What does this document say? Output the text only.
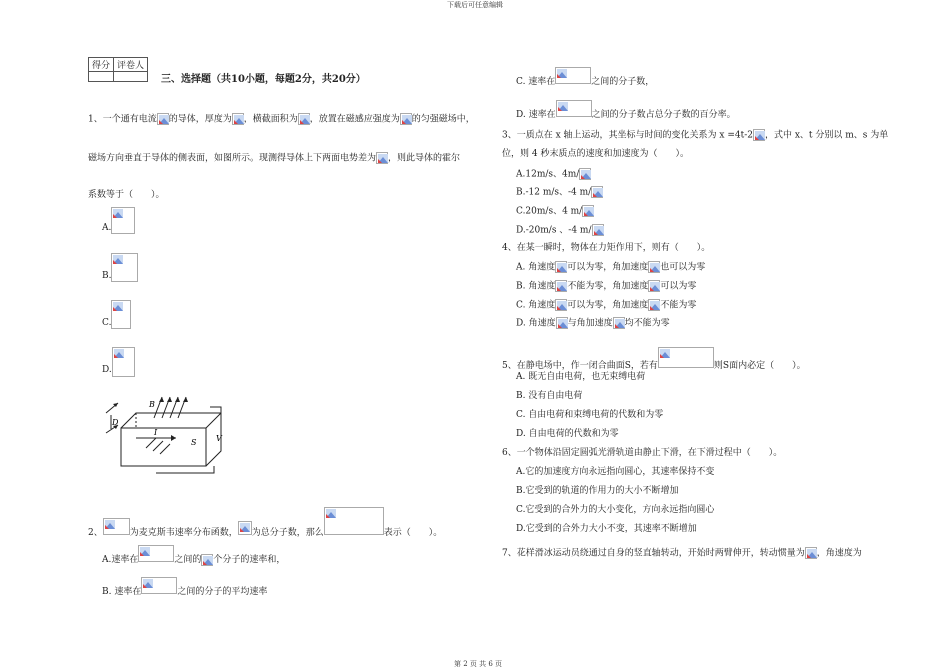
下载后可任意编辑
得分	评卷人

三、选择题（共10小题，每题2分，共20分）
1、一个通有电流 的导体，厚度为 ，横截面积为 ，放置在磁感应强度为 的匀强磁场中，
磁场方向垂直于导体的侧表面，如图所示。现测得导体上下两面电势差为 ，则此导体的霍尔
系数等于（　　）。
A.
B.
C.
D.
B
D
I
S V
2、	为麦克斯韦速率分布函数， 为总分子数，那么	表示（　　）。
A.速率在	之间的 个分子的速率和，
B. 速率在	之间的分子的平均速率
C. 速率在	之间的分子数，
D. 速率在	之间的分子数占总分子数的百分率。
3、一质点在 x 轴上运动，其坐标与时间的变化关系为 x =4t-2 ，式中 x、t 分别以 m、s 为单
位，则 4 秒末质点的速度和加速度为（　　）。
A.12m/s、4m/
B.-12 m/s、-4 m/
C.20m/s、4 m/
D.-20m/s 、-4 m/
4、在某一瞬时，物体在力矩作用下，则有（　　）。
A. 角速度 可以为零，角加速度 也可以为零
B. 角速度 不能为零，角加速度 可以为零
C. 角速度 可以为零，角加速度 不能为零
D. 角速度 与角加速度 均不能为零
5、在静电场中，作一闭合曲面S，若有	则S面内必定（　　）。
A. 既无自由电荷，也无束缚电荷
B. 没有自由电荷
C. 自由电荷和束缚电荷的代数和为零
D. 自由电荷的代数和为零
6、一个物体沿固定圆弧光滑轨道由静止下滑，在下滑过程中（　　）。
A.它的加速度方向永远指向圆心，其速率保持不变
B.它受到的轨道的作用力的大小不断增加
C.它受到的合外力的大小变化，方向永远指向圆心
D.它受到的合外力大小不变，其速率不断增加
7、花样滑冰运动员绕通过自身的竖直轴转动，开始时两臂伸开，转动惯量为 ，角速度为
第 2 页 共 6 页
